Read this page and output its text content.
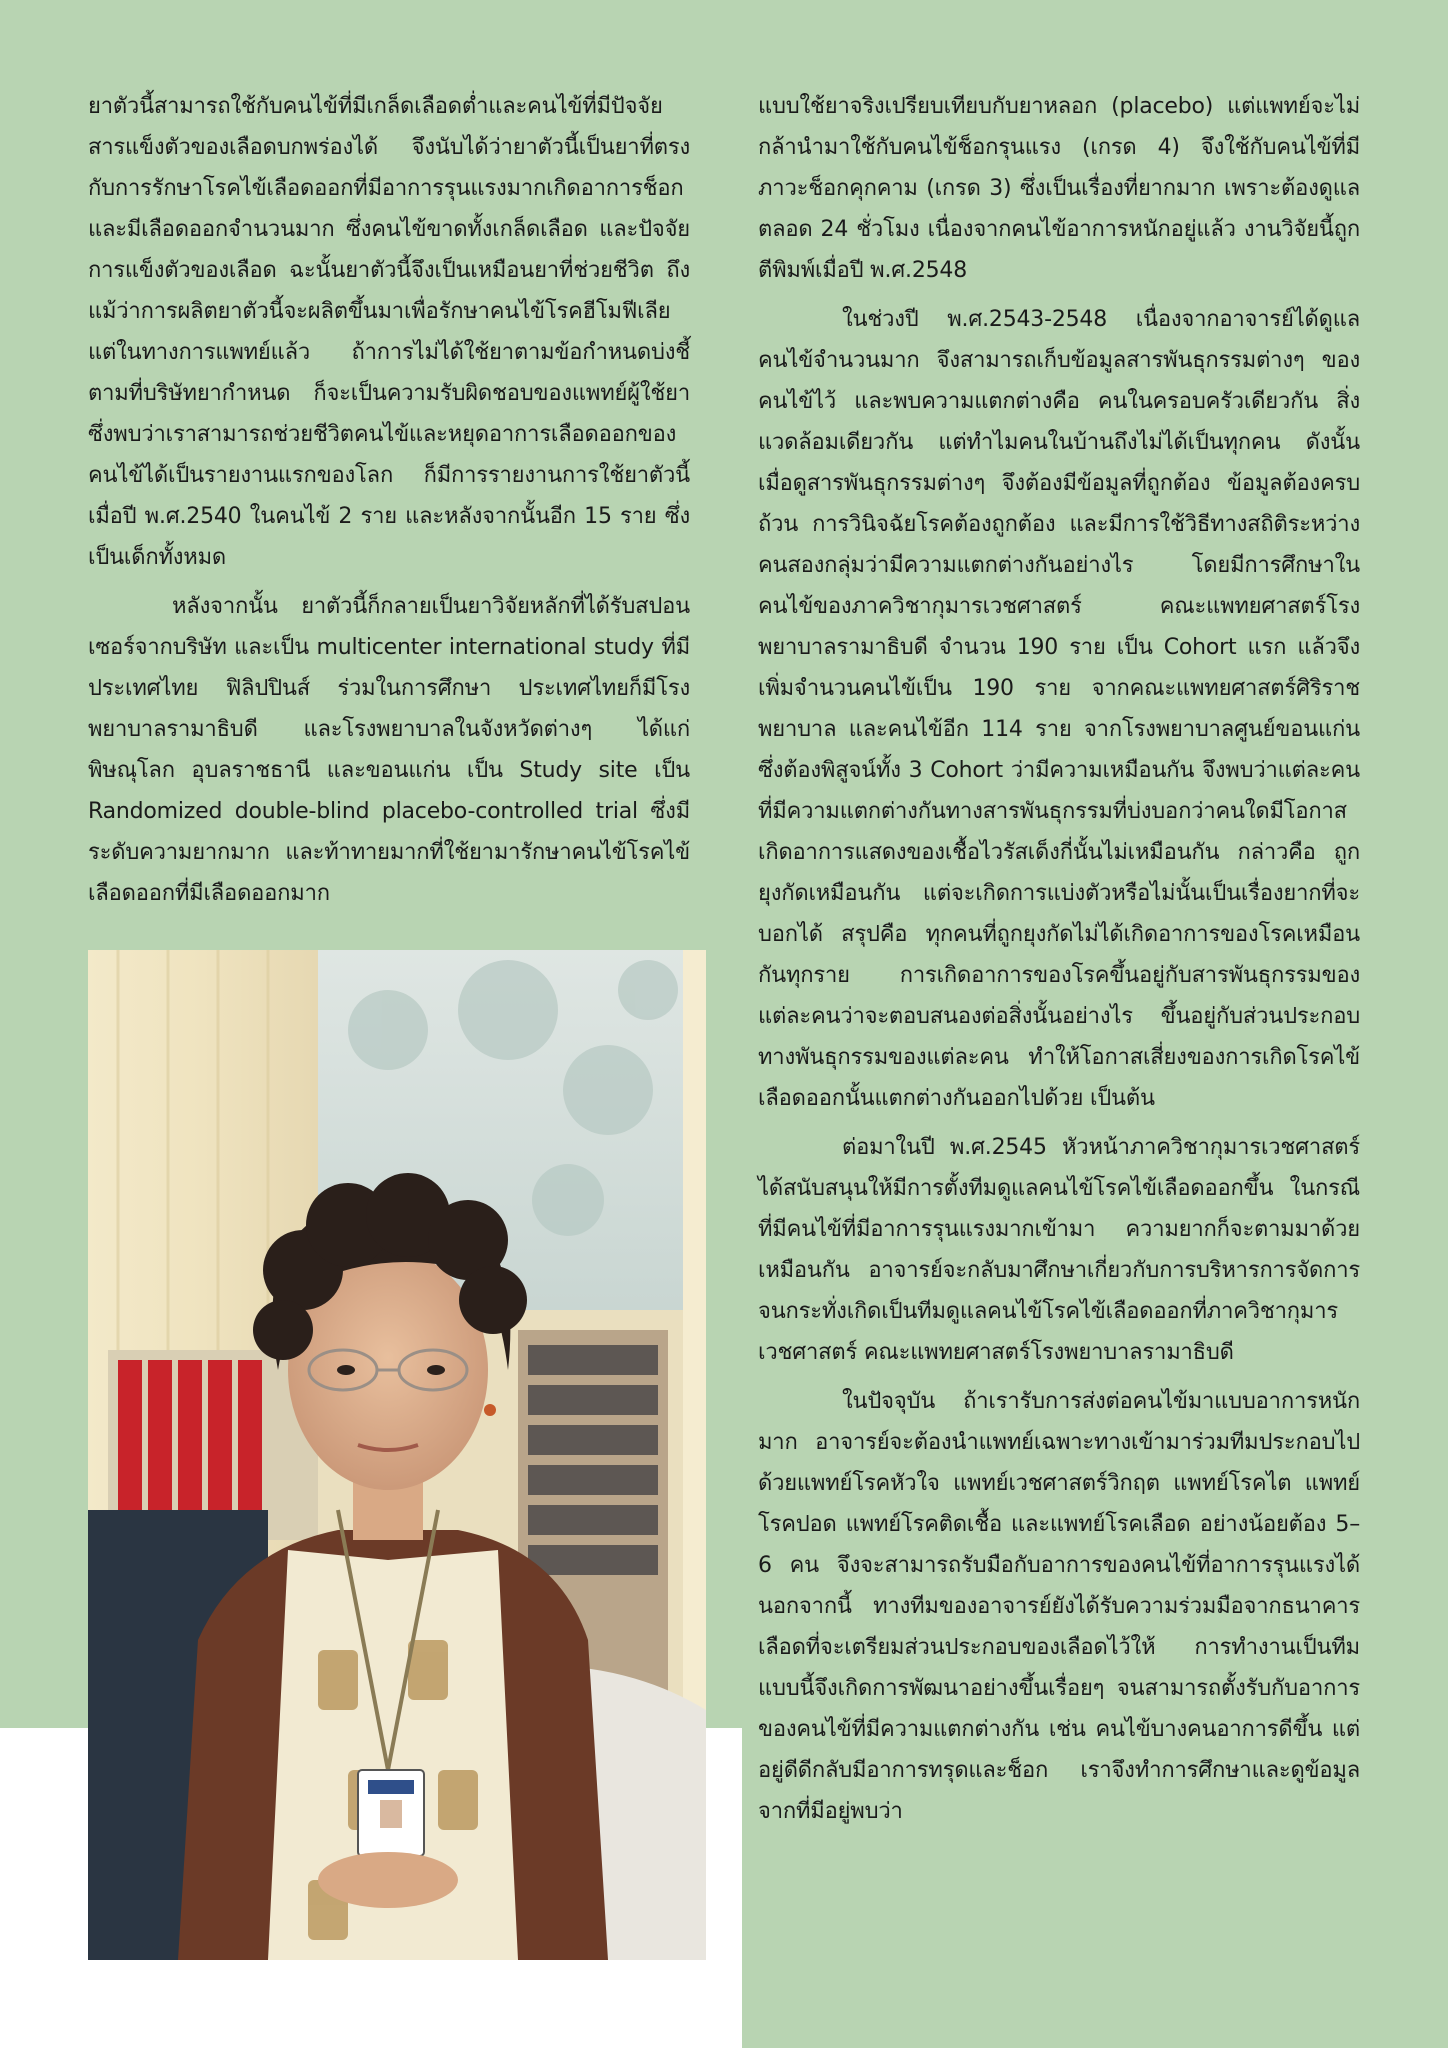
ยาตัวนี้สามารถใช้กับคนไข้ที่มีเกล็ดเลือดต่ำและคนไข้ที่มีปัจจัยสารแข็งตัวของเลือดบกพร่องได้ จึงนับได้ว่ายาตัวนี้เป็นยาที่ตรงกับการรักษาโรคไข้เลือดออกที่มีอาการรุนแรงมากเกิดอาการช็อก และมีเลือดออกจำนวนมาก ซึ่งคนไข้ขาดทั้งเกล็ดเลือด และปัจจัยการแข็งตัวของเลือด ฉะนั้นยาตัวนี้จึงเป็นเหมือนยาที่ช่วยชีวิต ถึงแม้ว่าการผลิตยาตัวนี้จะผลิตขึ้นมาเพื่อรักษาคนไข้โรคฮีโมฟีเลีย แต่ในทางการแพทย์แล้ว ถ้าการไม่ได้ใช้ยาตามข้อกำหนดบ่งชี้ตามที่บริษัทยากำหนด ก็จะเป็นความรับผิดชอบของแพทย์ผู้ใช้ยา ซึ่งพบว่าเราสามารถช่วยชีวิตคนไข้และหยุดอาการเลือดออกของคนไข้ได้เป็นรายงานแรกของโลก ก็มีการรายงานการใช้ยาตัวนี้เมื่อปี พ.ศ.2540 ในคนไข้ 2 ราย และหลังจากนั้นอีก 15 ราย ซึ่งเป็นเด็กทั้งหมด

หลังจากนั้น ยาตัวนี้ก็กลายเป็นยาวิจัยหลักที่ได้รับสปอนเซอร์จากบริษัท และเป็น multicenter international study ที่มีประเทศไทย ฟิลิปปินส์ ร่วมในการศึกษา ประเทศไทยก็มีโรงพยาบาลรามาธิบดี และโรงพยาบาลในจังหวัดต่างๆ ได้แก่ พิษณุโลก อุบลราชธานี และขอนแก่น เป็น Study site เป็น Randomized double-blind placebo-controlled trial ซึ่งมีระดับความยากมาก และท้าทายมากที่ใช้ยามารักษาคนไข้โรคไข้เลือดออกที่มีเลือดออกมาก

แบบใช้ยาจริงเปรียบเทียบกับยาหลอก (placebo) แต่แพทย์จะไม่กล้านำมาใช้กับคนไข้ช็อกรุนแรง (เกรด 4) จึงใช้กับคนไข้ที่มีภาวะช็อกคุกคาม (เกรด 3) ซึ่งเป็นเรื่องที่ยากมาก เพราะต้องดูแลตลอด 24 ชั่วโมง เนื่องจากคนไข้อาการหนักอยู่แล้ว งานวิจัยนี้ถูกตีพิมพ์เมื่อปี พ.ศ.2548

ในช่วงปี พ.ศ.2543-2548 เนื่องจากอาจารย์ได้ดูแลคนไข้จำนวนมาก จึงสามารถเก็บข้อมูลสารพันธุกรรมต่างๆ ของคนไข้ไว้ และพบความแตกต่างคือ คนในครอบครัวเดียวกัน สิ่งแวดล้อมเดียวกัน แต่ทำไมคนในบ้านถึงไม่ได้เป็นทุกคน ดังนั้น เมื่อดูสารพันธุกรรมต่างๆ จึงต้องมีข้อมูลที่ถูกต้อง ข้อมูลต้องครบถ้วน การวินิจฉัยโรคต้องถูกต้อง และมีการใช้วิธีทางสถิติระหว่างคนสองกลุ่มว่ามีความแตกต่างกันอย่างไร โดยมีการศึกษาในคนไข้ของภาควิชากุมารเวชศาสตร์ คณะแพทยศาสตร์โรงพยาบาลรามาธิบดี จำนวน 190 ราย เป็น Cohort แรก แล้วจึงเพิ่มจำนวนคนไข้เป็น 190 ราย จากคณะแพทยศาสตร์ศิริราชพยาบาล และคนไข้อีก 114 ราย จากโรงพยาบาลศูนย์ขอนแก่น ซึ่งต้องพิสูจน์ทั้ง 3 Cohort ว่ามีความเหมือนกัน จึงพบว่าแต่ละคนที่มีความแตกต่างกันทางสารพันธุกรรมที่บ่งบอกว่าคนใดมีโอกาสเกิดอาการแสดงของเชื้อไวรัสเด็งกี่นั้นไม่เหมือนกัน กล่าวคือ ถูกยุงกัดเหมือนกัน แต่จะเกิดการแบ่งตัวหรือไม่นั้นเป็นเรื่องยากที่จะบอกได้ สรุปคือ ทุกคนที่ถูกยุงกัดไม่ได้เกิดอาการของโรคเหมือนกันทุกราย การเกิดอาการของโรคขึ้นอยู่กับสารพันธุกรรมของแต่ละคนว่าจะตอบสนองต่อสิ่งนั้นอย่างไร ขึ้นอยู่กับส่วนประกอบทางพันธุกรรมของแต่ละคน ทำให้โอกาสเสี่ยงของการเกิดโรคไข้เลือดออกนั้นแตกต่างกันออกไปด้วย เป็นต้น

ต่อมาในปี พ.ศ.2545 หัวหน้าภาควิชากุมารเวชศาสตร์ได้สนับสนุนให้มีการตั้งทีมดูแลคนไข้โรคไข้เลือดออกขึ้น ในกรณีที่มีคนไข้ที่มีอาการรุนแรงมากเข้ามา ความยากก็จะตามมาด้วยเหมือนกัน อาจารย์จะกลับมาศึกษาเกี่ยวกับการบริหารการจัดการ จนกระทั่งเกิดเป็นทีมดูแลคนไข้โรคไข้เลือดออกที่ภาควิชากุมารเวชศาสตร์ คณะแพทยศาสตร์โรงพยาบาลรามาธิบดี

ในปัจจุบัน ถ้าเรารับการส่งต่อคนไข้มาแบบอาการหนักมาก อาจารย์จะต้องนำแพทย์เฉพาะทางเข้ามาร่วมทีมประกอบไปด้วยแพทย์โรคหัวใจ แพทย์เวชศาสตร์วิกฤต แพทย์โรคไต แพทย์โรคปอด แพทย์โรคติดเชื้อ และแพทย์โรคเลือด อย่างน้อยต้อง 5–6 คน จึงจะสามารถรับมือกับอาการของคนไข้ที่อาการรุนแรงได้ นอกจากนี้ ทางทีมของอาจารย์ยังได้รับความร่วมมือจากธนาคารเลือดที่จะเตรียมส่วนประกอบของเลือดไว้ให้ การทำงานเป็นทีมแบบนี้จึงเกิดการพัฒนาอย่างขึ้นเรื่อยๆ จนสามารถตั้งรับกับอาการของคนไข้ที่มีความแตกต่างกัน เช่น คนไข้บางคนอาการดีขึ้น แต่อยู่ดีดีกลับมีอาการทรุดและช็อก เราจึงทำการศึกษาและดูข้อมูลจากที่มีอยู่พบว่า
